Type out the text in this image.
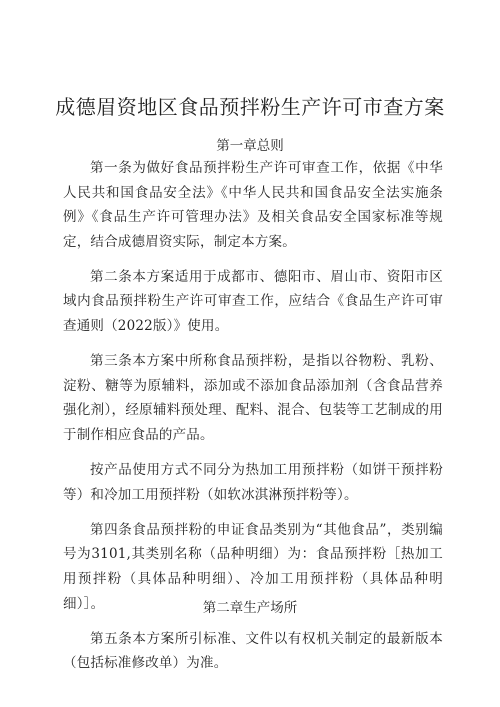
成德眉资地区食品预拌粉生产许可市查方案
第一章总则

第一条为做好食品预拌粉生产许可审查工作，依据《中华人民共和国食品安全法》《中华人民共和国食品安全法实施条例》《食品生产许可管理办法》及相关食品安全国家标准等规定，结合成德眉资实际，制定本方案。

第二条本方案适用于成都市、德阳市、眉山市、资阳市区域内食品预拌粉生产许可审查工作，应结合《食品生产许可审查通则（2022版）》使用。

第三条本方案中所称食品预拌粉，是指以谷物粉、乳粉、淀粉、糖等为原辅料，添加或不添加食品添加剂（含食品营养强化剂），经原辅料预处理、配料、混合、包装等工艺制成的用于制作相应食品的产品。

按产品使用方式不同分为热加工用预拌粉（如饼干预拌粉等）和冷加工用预拌粉（如软冰淇淋预拌粉等）。

第四条食品预拌粉的申证食品类别为“其他食品”，类别编号为3101,其类别名称（品种明细）为：食品预拌粉［热加工用预拌粉（具体品种明细）、冷加工用预拌粉（具体品种明细）］。

第五条本方案所引标准、文件以有权机关制定的最新版本（包括标准修改单）为准。

第二章生产场所
